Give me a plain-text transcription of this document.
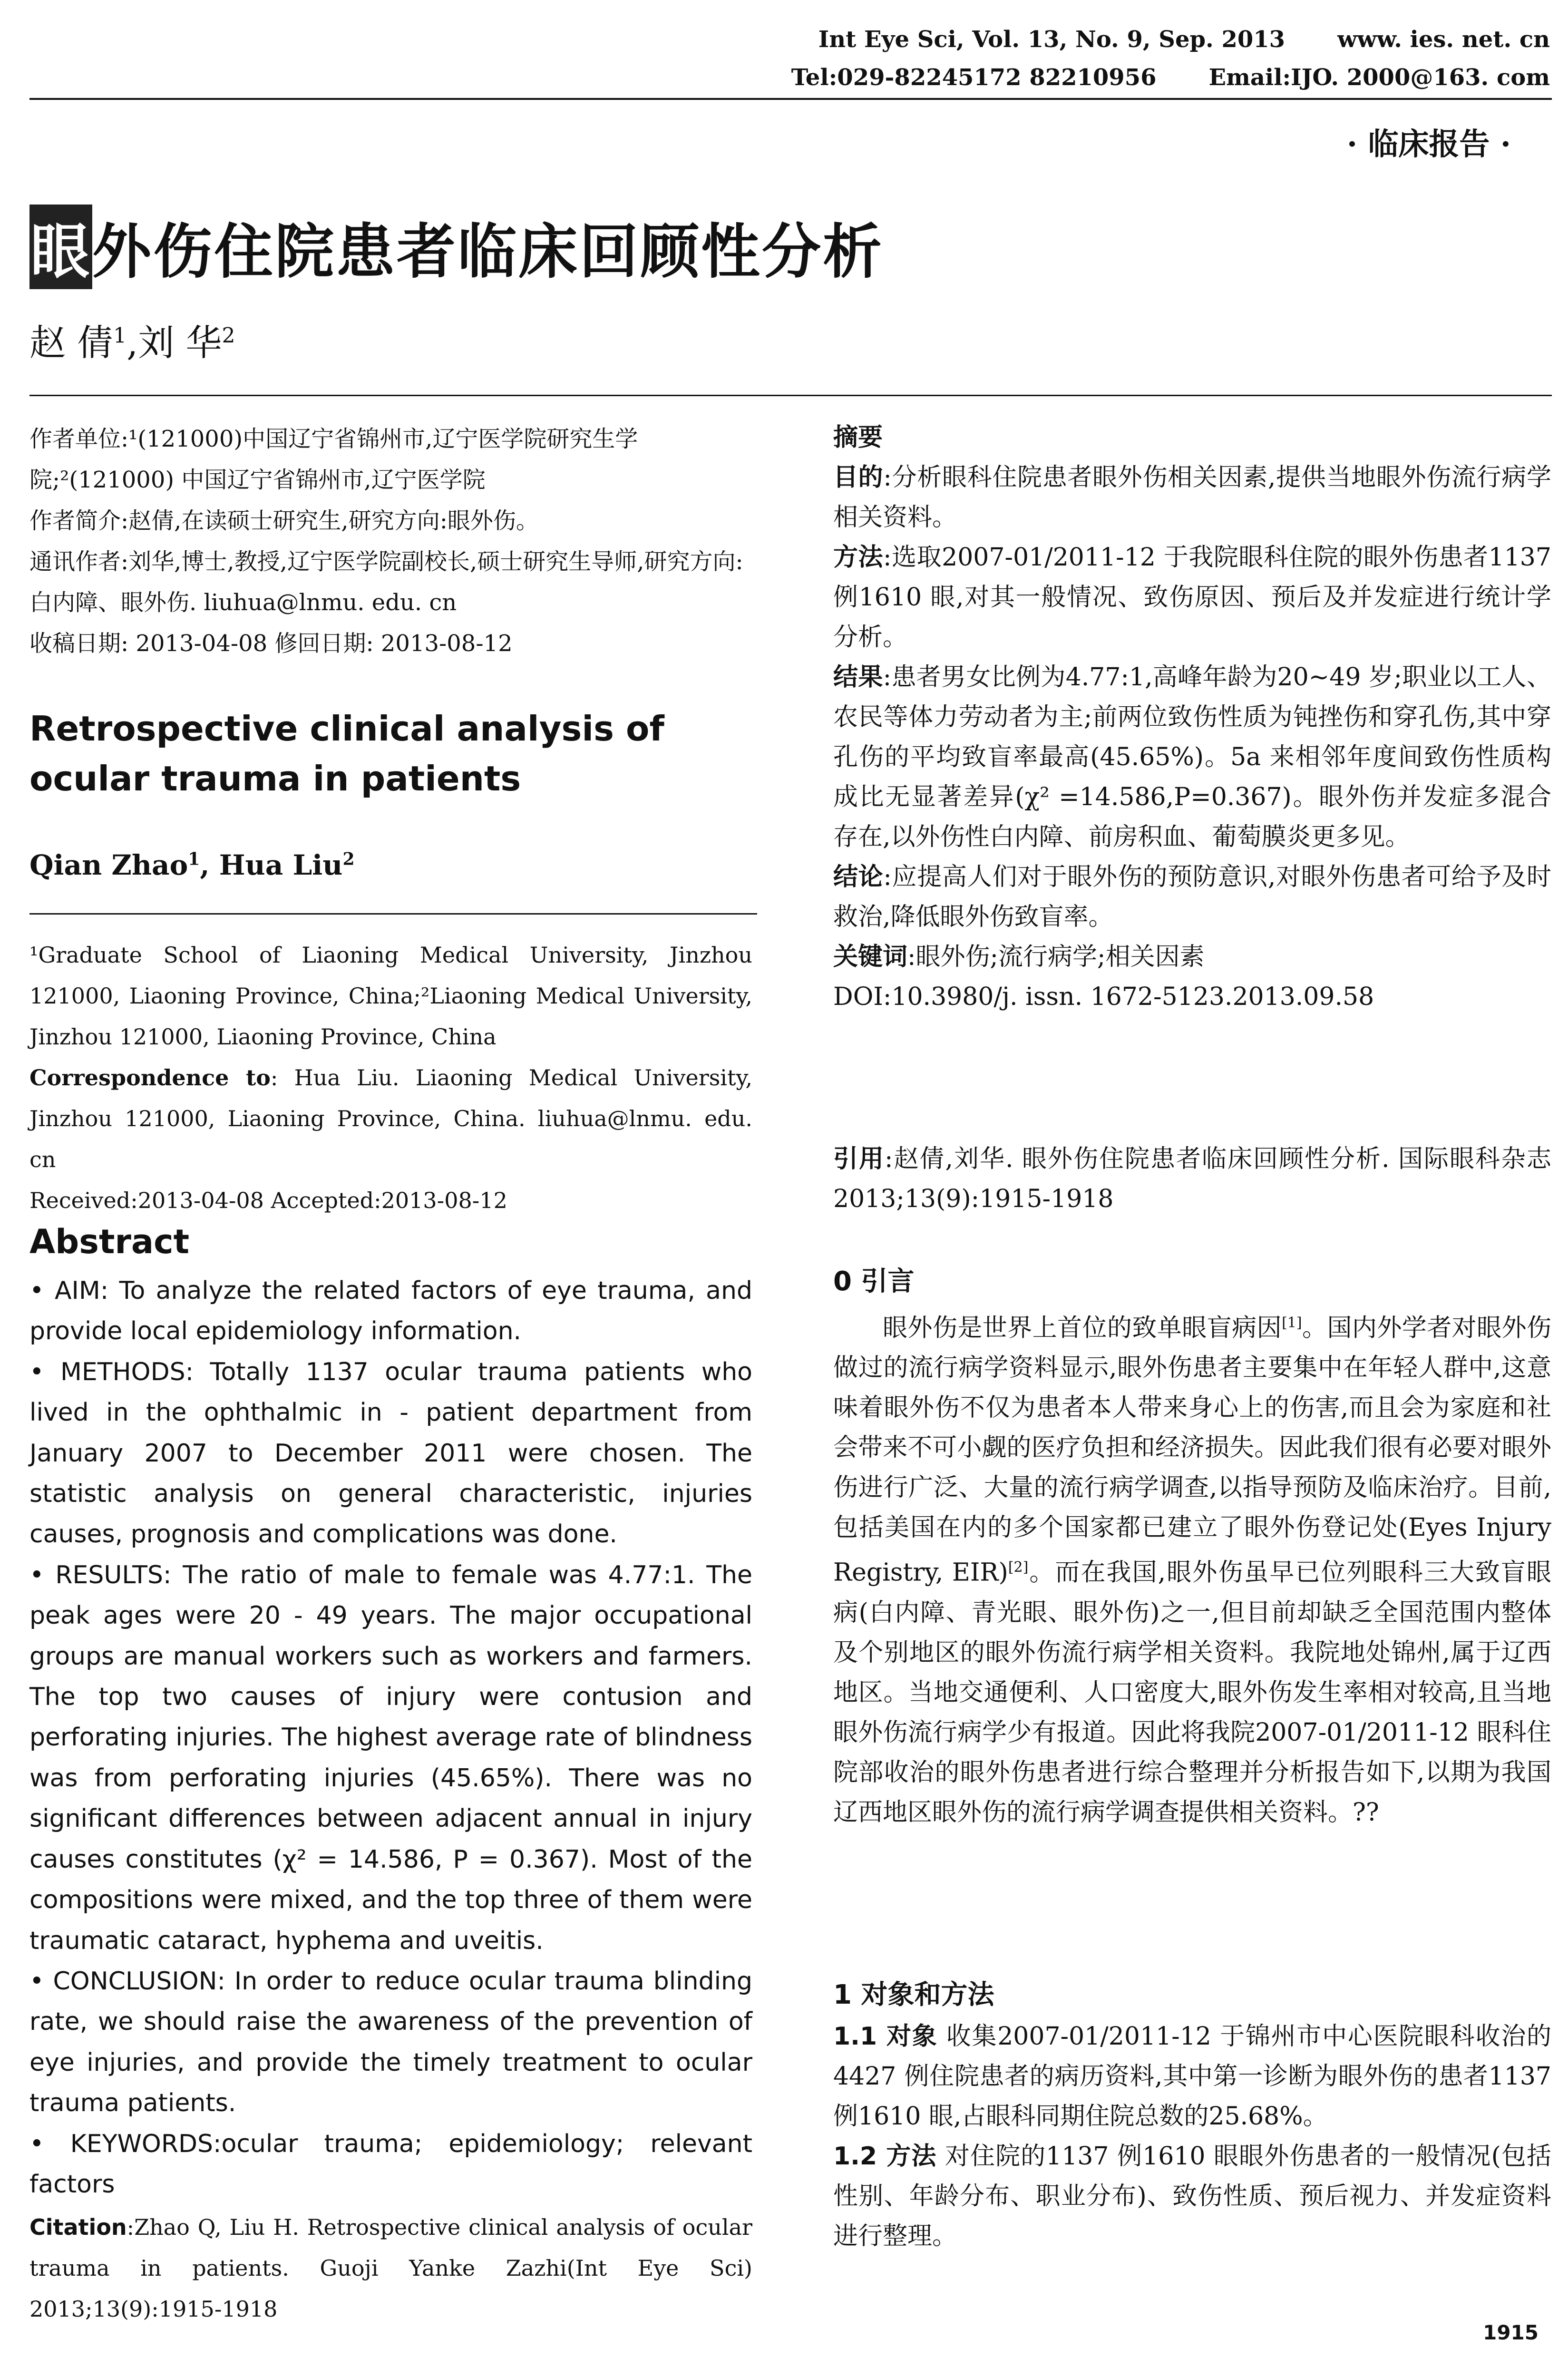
Int Eye Sci, Vol. 13, No. 9, Sep. 2013 www. ies. net. cn
Tel:029-82245172 82210956 Email:IJO. 2000@163. com
· 临床报告 ·
眼外伤住院患者临床回顾性分析
赵 倩$^1$,刘 华$^2$

作者单位:¹(121000)中国辽宁省锦州市,辽宁医学院研究生学院;²(121000) 中国辽宁省锦州市,辽宁医学院

作者简介:赵倩,在读硕士研究生,研究方向:眼外伤。

通讯作者:刘华,博士,教授,辽宁医学院副校长,硕士研究生导师,研究方向:白内障、眼外伤. liuhua@lnmu. edu. cn

收稿日期: 2013-04-08 修回日期: 2013-08-12

Retrospective clinical analysis of ocular trauma in patients
Qian Zhao$^1$, Hua Liu$^2$

¹Graduate School of Liaoning Medical University, Jinzhou 121000, Liaoning Province, China;²Liaoning Medical University, Jinzhou 121000, Liaoning Province, China

Correspondence to: Hua Liu. Liaoning Medical University, Jinzhou 121000, Liaoning Province, China. liuhua@lnmu. edu. cn

Received:2013-04-08 Accepted:2013-08-12

Abstract

• AIM: To analyze the related factors of eye trauma, and provide local epidemiology information.

• METHODS: Totally 1137 ocular trauma patients who lived in the ophthalmic in - patient department from January 2007 to December 2011 were chosen. The statistic analysis on general characteristic, injuries causes, prognosis and complications was done.

• RESULTS: The ratio of male to female was 4.77:1. The peak ages were 20 - 49 years. The major occupational groups are manual workers such as workers and farmers. The top two causes of injury were contusion and perforating injuries. The highest average rate of blindness was from perforating injuries (45.65%). There was no significant differences between adjacent annual in injury causes constitutes (χ² = 14.586, P = 0.367). Most of the compositions were mixed, and the top three of them were traumatic cataract, hyphema and uveitis.

• CONCLUSION: In order to reduce ocular trauma blinding rate, we should raise the awareness of the prevention of eye injuries, and provide the timely treatment to ocular trauma patients.

• KEYWORDS:ocular trauma; epidemiology; relevant factors

Citation:Zhao Q, Liu H. Retrospective clinical analysis of ocular trauma in patients. Guoji Yanke Zazhi(Int Eye Sci) 2013;13(9):1915-1918

摘要

目的:分析眼科住院患者眼外伤相关因素,提供当地眼外伤流行病学相关资料。

方法:选取2007-01/2011-12 于我院眼科住院的眼外伤患者1137 例1610 眼,对其一般情况、致伤原因、预后及并发症进行统计学分析。

结果:患者男女比例为4.77:1,高峰年龄为20~49 岁;职业以工人、农民等体力劳动者为主;前两位致伤性质为钝挫伤和穿孔伤,其中穿孔伤的平均致盲率最高(45.65%)。5a 来相邻年度间致伤性质构成比无显著差异(χ² =14.586,P=0.367)。眼外伤并发症多混合存在,以外伤性白内障、前房积血、葡萄膜炎更多见。

结论:应提高人们对于眼外伤的预防意识,对眼外伤患者可给予及时救治,降低眼外伤致盲率。

关键词:眼外伤;流行病学;相关因素

DOI:10.3980/j. issn. 1672-5123.2013.09.58

引用:赵倩,刘华. 眼外伤住院患者临床回顾性分析. 国际眼科杂志 2013;13(9):1915-1918
0 引言
眼外伤是世界上首位的致单眼盲病因[1]。国内外学者对眼外伤做过的流行病学资料显示,眼外伤患者主要集中在年轻人群中,这意味着眼外伤不仅为患者本人带来身心上的伤害,而且会为家庭和社会带来不可小觑的医疗负担和经济损失。因此我们很有必要对眼外伤进行广泛、大量的流行病学调查,以指导预防及临床治疗。目前,包括美国在内的多个国家都已建立了眼外伤登记处(Eyes Injury Registry, EIR)[2]。而在我国,眼外伤虽早已位列眼科三大致盲眼病(白内障、青光眼、眼外伤)之一,但目前却缺乏全国范围内整体及个别地区的眼外伤流行病学相关资料。我院地处锦州,属于辽西地区。当地交通便利、人口密度大,眼外伤发生率相对较高,且当地眼外伤流行病学少有报道。因此将我院2007-01/2011-12 眼科住院部收治的眼外伤患者进行综合整理并分析报告如下,以期为我国辽西地区眼外伤的流行病学调查提供相关资料。??
1 对象和方法
1.1 对象 收集2007-01/2011-12 于锦州市中心医院眼科收治的4427 例住院患者的病历资料,其中第一诊断为眼外伤的患者1137 例1610 眼,占眼科同期住院总数的25.68%。
1.2 方法 对住院的1137 例1610 眼眼外伤患者的一般情况(包括性别、年龄分布、职业分布)、致伤性质、预后视力、并发症资料进行整理。
1915
